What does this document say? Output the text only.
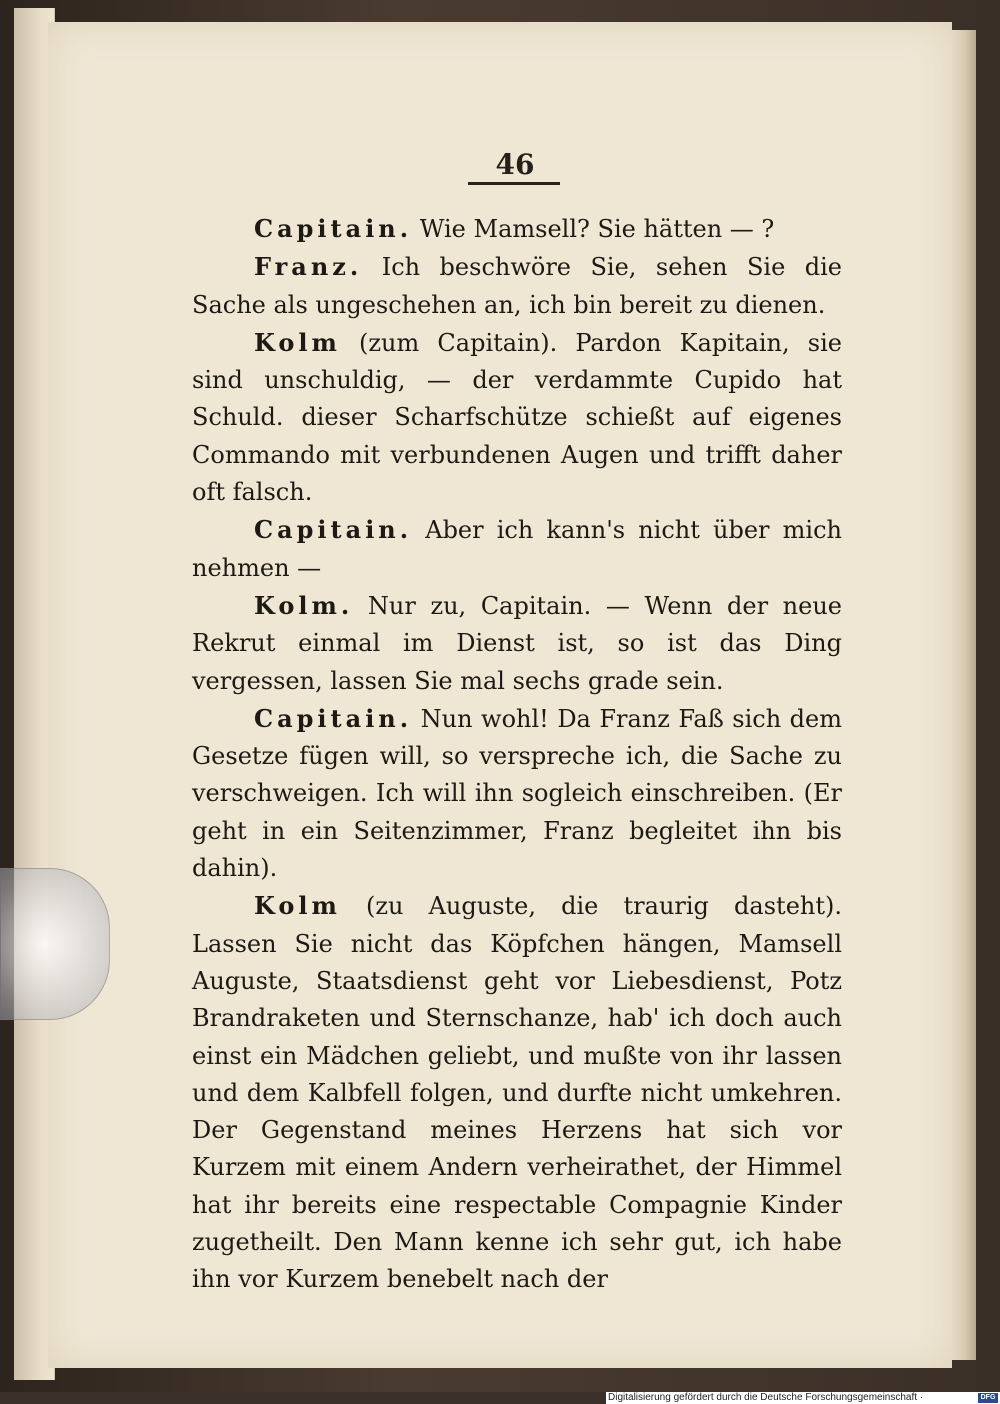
46

Capitain. Wie Mamsell? Sie hätten — ?

Franz. Ich beschwöre Sie, sehen Sie die Sache als ungeschehen an, ich bin bereit zu dienen.

Kolm (zum Capitain). Pardon Kapitain, sie sind unschuldig, — der verdammte Cupido hat Schuld. dieser Scharfschütze schießt auf eigenes Commando mit verbundenen Augen und trifft daher oft falsch.

Capitain. Aber ich kann's nicht über mich nehmen —

Kolm. Nur zu, Capitain. — Wenn der neue Rekrut einmal im Dienst ist, so ist das Ding vergessen, lassen Sie mal sechs grade sein.

Capitain. Nun wohl! Da Franz Faß sich dem Gesetze fügen will, so verspreche ich, die Sache zu verschweigen. Ich will ihn sogleich einschreiben. (Er geht in ein Seitenzimmer, Franz begleitet ihn bis dahin).

Kolm (zu Auguste, die traurig dasteht). Lassen Sie nicht das Köpfchen hängen, Mamsell Auguste, Staatsdienst geht vor Liebesdienst, Potz Brandraketen und Sternschanze, hab' ich doch auch einst ein Mädchen geliebt, und mußte von ihr lassen und dem Kalbfell folgen, und durfte nicht umkehren. Der Gegenstand meines Herzens hat sich vor Kurzem mit einem Andern verheirathet, der Himmel hat ihr bereits eine respectable Compagnie Kinder zugetheilt. Den Mann kenne ich sehr gut, ich habe ihn vor Kurzem benebelt nach der

Digitalisierung gefördert durch die Deutsche Forschungsgemeinschaft ·	DFG
